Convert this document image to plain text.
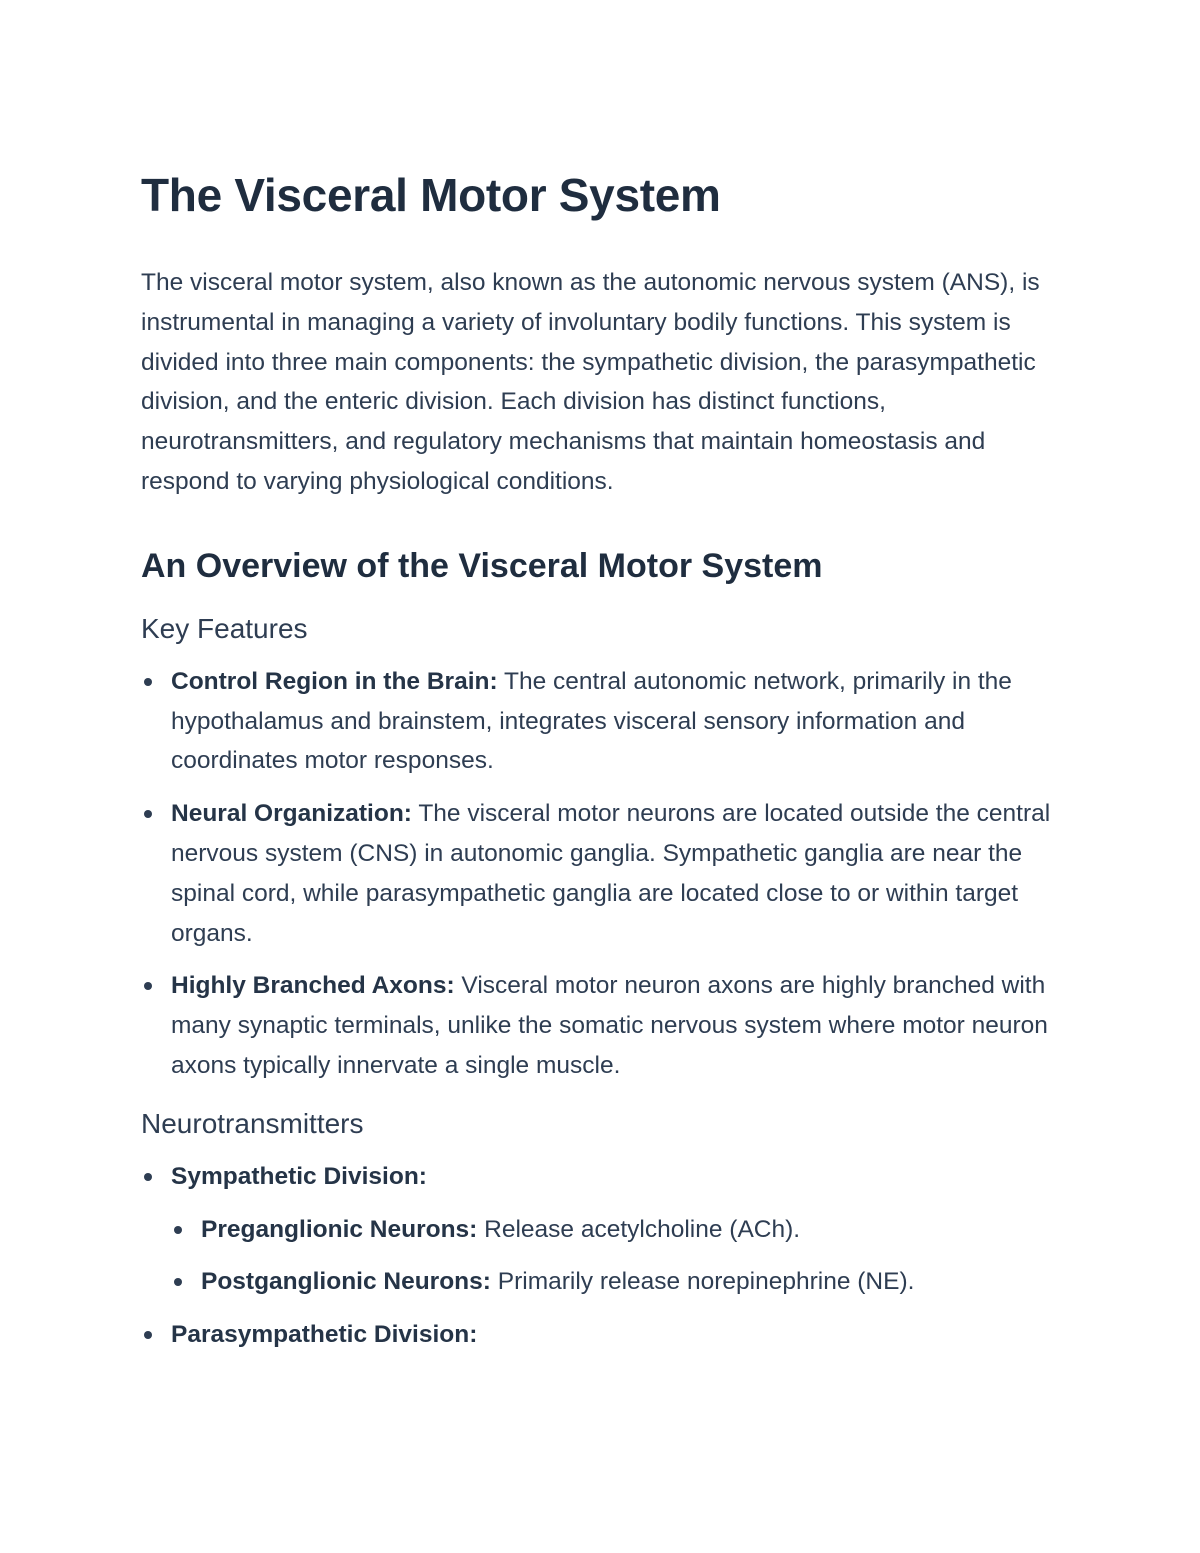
The Visceral Motor System

The visceral motor system, also known as the autonomic nervous system (ANS), is instrumental in managing a variety of involuntary bodily functions. This system is divided into three main components: the sympathetic division, the parasympathetic division, and the enteric division. Each division has distinct functions, neurotransmitters, and regulatory mechanisms that maintain homeostasis and respond to varying physiological conditions.

An Overview of the Visceral Motor System
Key Features
Control Region in the Brain: The central autonomic network, primarily in the hypothalamus and brainstem, integrates visceral sensory information and coordinates motor responses.
Neural Organization: The visceral motor neurons are located outside the central nervous system (CNS) in autonomic ganglia. Sympathetic ganglia are near the spinal cord, while parasympathetic ganglia are located close to or within target organs.
Highly Branched Axons: Visceral motor neuron axons are highly branched with many synaptic terminals, unlike the somatic nervous system where motor neuron axons typically innervate a single muscle.
Neurotransmitters
Sympathetic Division:
Preganglionic Neurons: Release acetylcholine (ACh).
Postganglionic Neurons: Primarily release norepinephrine (NE).
Parasympathetic Division:
